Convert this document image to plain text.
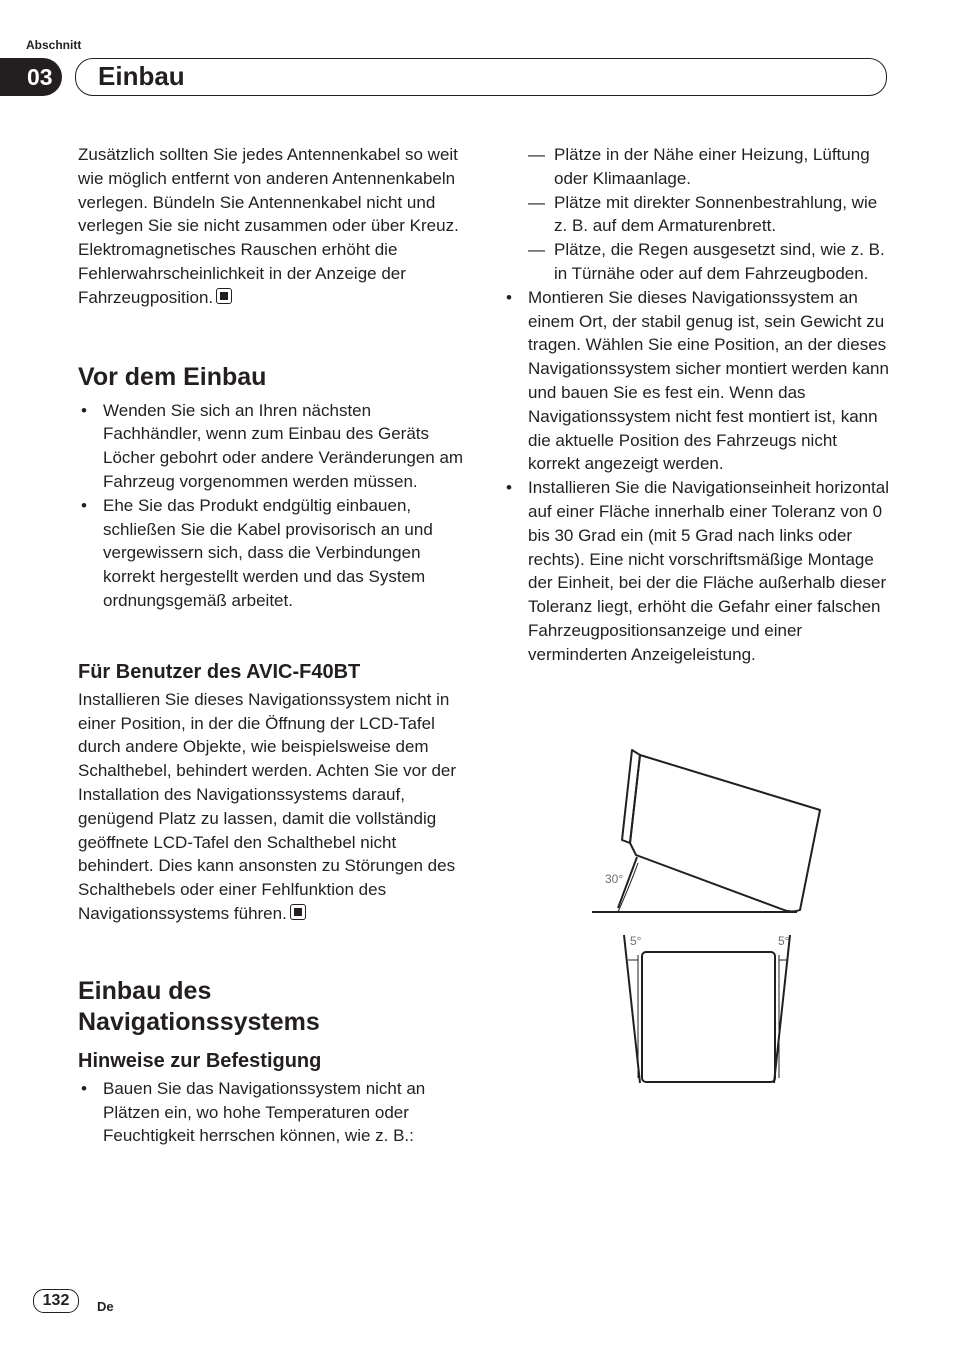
Abschnitt
03	Einbau

Zusätzlich sollten Sie jedes Antennenkabel so weit wie möglich entfernt von anderen Antennenkabeln verlegen. Bündeln Sie Antennenkabel nicht und verlegen Sie sie nicht zusammen oder über Kreuz. Elektromagnetisches Rauschen erhöht die Fehlerwahrscheinlichkeit in der Anzeige der Fahrzeugposition.

Vor dem Einbau
• Wenden Sie sich an Ihren nächsten Fachhändler, wenn zum Einbau des Geräts Löcher gebohrt oder andere Veränderungen am Fahrzeug vorgenommen werden müssen.
• Ehe Sie das Produkt endgültig einbauen, schließen Sie die Kabel provisorisch an und vergewissern sich, dass die Verbindungen korrekt hergestellt werden und das System ordnungsgemäß arbeitet.
Für Benutzer des AVIC-F40BT

Installieren Sie dieses Navigationssystem nicht in einer Position, in der die Öffnung der LCD-Tafel durch andere Objekte, wie beispielsweise dem Schalthebel, behindert werden. Achten Sie vor der Installation des Navigationssystems darauf, genügend Platz zu lassen, damit die vollständig geöffnete LCD-Tafel den Schalthebel nicht behindert. Dies kann ansonsten zu Störungen des Schalthebels oder einer Fehlfunktion des Navigationssystems führen.

Einbau des
Navigationssystems
Hinweise zur Befestigung
• Bauen Sie das Navigationssystem nicht an Plätzen ein, wo hohe Temperaturen oder Feuchtigkeit herrschen können, wie z. B.:
— Plätze in der Nähe einer Heizung, Lüftung oder Klimaanlage.
— Plätze mit direkter Sonnenbestrahlung, wie z. B. auf dem Armaturenbrett.
— Plätze, die Regen ausgesetzt sind, wie z. B. in Türnähe oder auf dem Fahrzeugboden.
• Montieren Sie dieses Navigationssystem an einem Ort, der stabil genug ist, sein Gewicht zu tragen. Wählen Sie eine Position, an der dieses Navigationssystem sicher montiert werden kann und bauen Sie es fest ein. Wenn das Navigationssystem nicht fest montiert ist, kann die aktuelle Position des Fahrzeugs nicht korrekt angezeigt werden.
• Installieren Sie die Navigationseinheit horizontal auf einer Fläche innerhalb einer Toleranz von 0 bis 30 Grad ein (mit 5 Grad nach links oder rechts). Eine nicht vorschriftsmäßige Montage der Einheit, bei der die Fläche außerhalb dieser Toleranz liegt, erhöht die Gefahr einer falschen Fahrzeugpositionsanzeige und einer verminderten Anzeigeleistung.
30°
5°	5°
132	De
